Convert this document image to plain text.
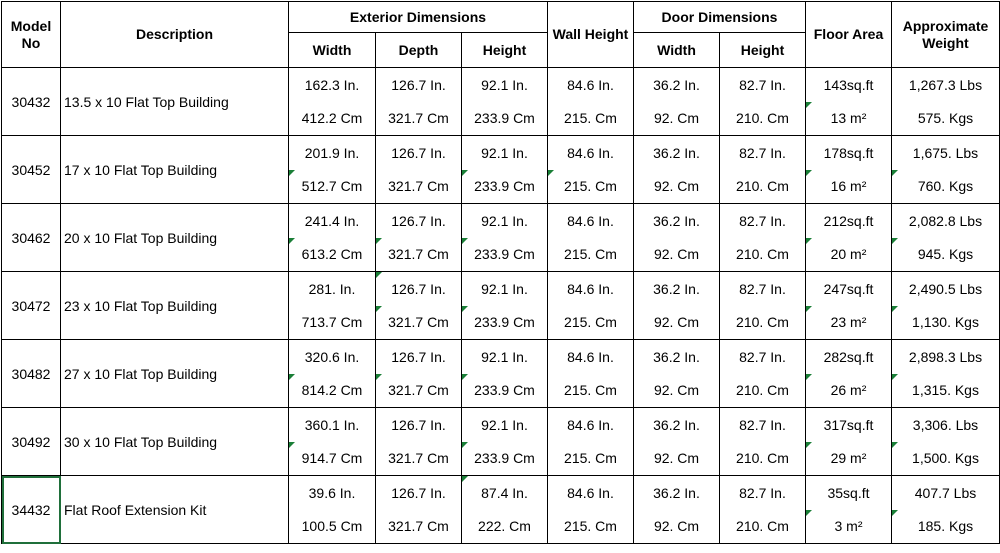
Model No	Description	Exterior Dimensions			Wall Height	Door Dimensions		Floor Area	Approximate Weight
		Width	Depth	Height		Width	Height		
30432	13.5 x 10 Flat Top Building	162.3 In.	126.7 In.	92.1 In.	84.6 In.	36.2 In.	82.7 In.	143sq.ft	1,267.3 Lbs
		412.2 Cm	321.7 Cm	233.9 Cm	215. Cm	92. Cm	210. Cm	13 m²	575. Kgs
30452	17 x 10 Flat Top Building	201.9 In.	126.7 In.	92.1 In.	84.6 In.	36.2 In.	82.7 In.	178sq.ft	1,675. Lbs
		512.7 Cm	321.7 Cm	233.9 Cm	215. Cm	92. Cm	210. Cm	16 m²	760. Kgs
30462	20 x 10 Flat Top Building	241.4 In.	126.7 In.	92.1 In.	84.6 In.	36.2 In.	82.7 In.	212sq.ft	2,082.8 Lbs
		613.2 Cm	321.7 Cm	233.9 Cm	215. Cm	92. Cm	210. Cm	20 m²	945. Kgs
30472	23 x 10 Flat Top Building	281. In.	126.7 In.	92.1 In.	84.6 In.	36.2 In.	82.7 In.	247sq.ft	2,490.5 Lbs
		713.7 Cm	321.7 Cm	233.9 Cm	215. Cm	92. Cm	210. Cm	23 m²	1,130. Kgs
30482	27 x 10 Flat Top Building	320.6 In.	126.7 In.	92.1 In.	84.6 In.	36.2 In.	82.7 In.	282sq.ft	2,898.3 Lbs
		814.2 Cm	321.7 Cm	233.9 Cm	215. Cm	92. Cm	210. Cm	26 m²	1,315. Kgs
30492	30 x 10 Flat Top Building	360.1 In.	126.7 In.	92.1 In.	84.6 In.	36.2 In.	82.7 In.	317sq.ft	3,306. Lbs
		914.7 Cm	321.7 Cm	233.9 Cm	215. Cm	92. Cm	210. Cm	29 m²	1,500. Kgs
34432	Flat Roof Extension Kit	39.6 In.	126.7 In.	87.4 In.	84.6 In.	36.2 In.	82.7 In.	35sq.ft	407.7 Lbs
		100.5 Cm	321.7 Cm	222. Cm	215. Cm	92. Cm	210. Cm	3 m²	185. Kgs
